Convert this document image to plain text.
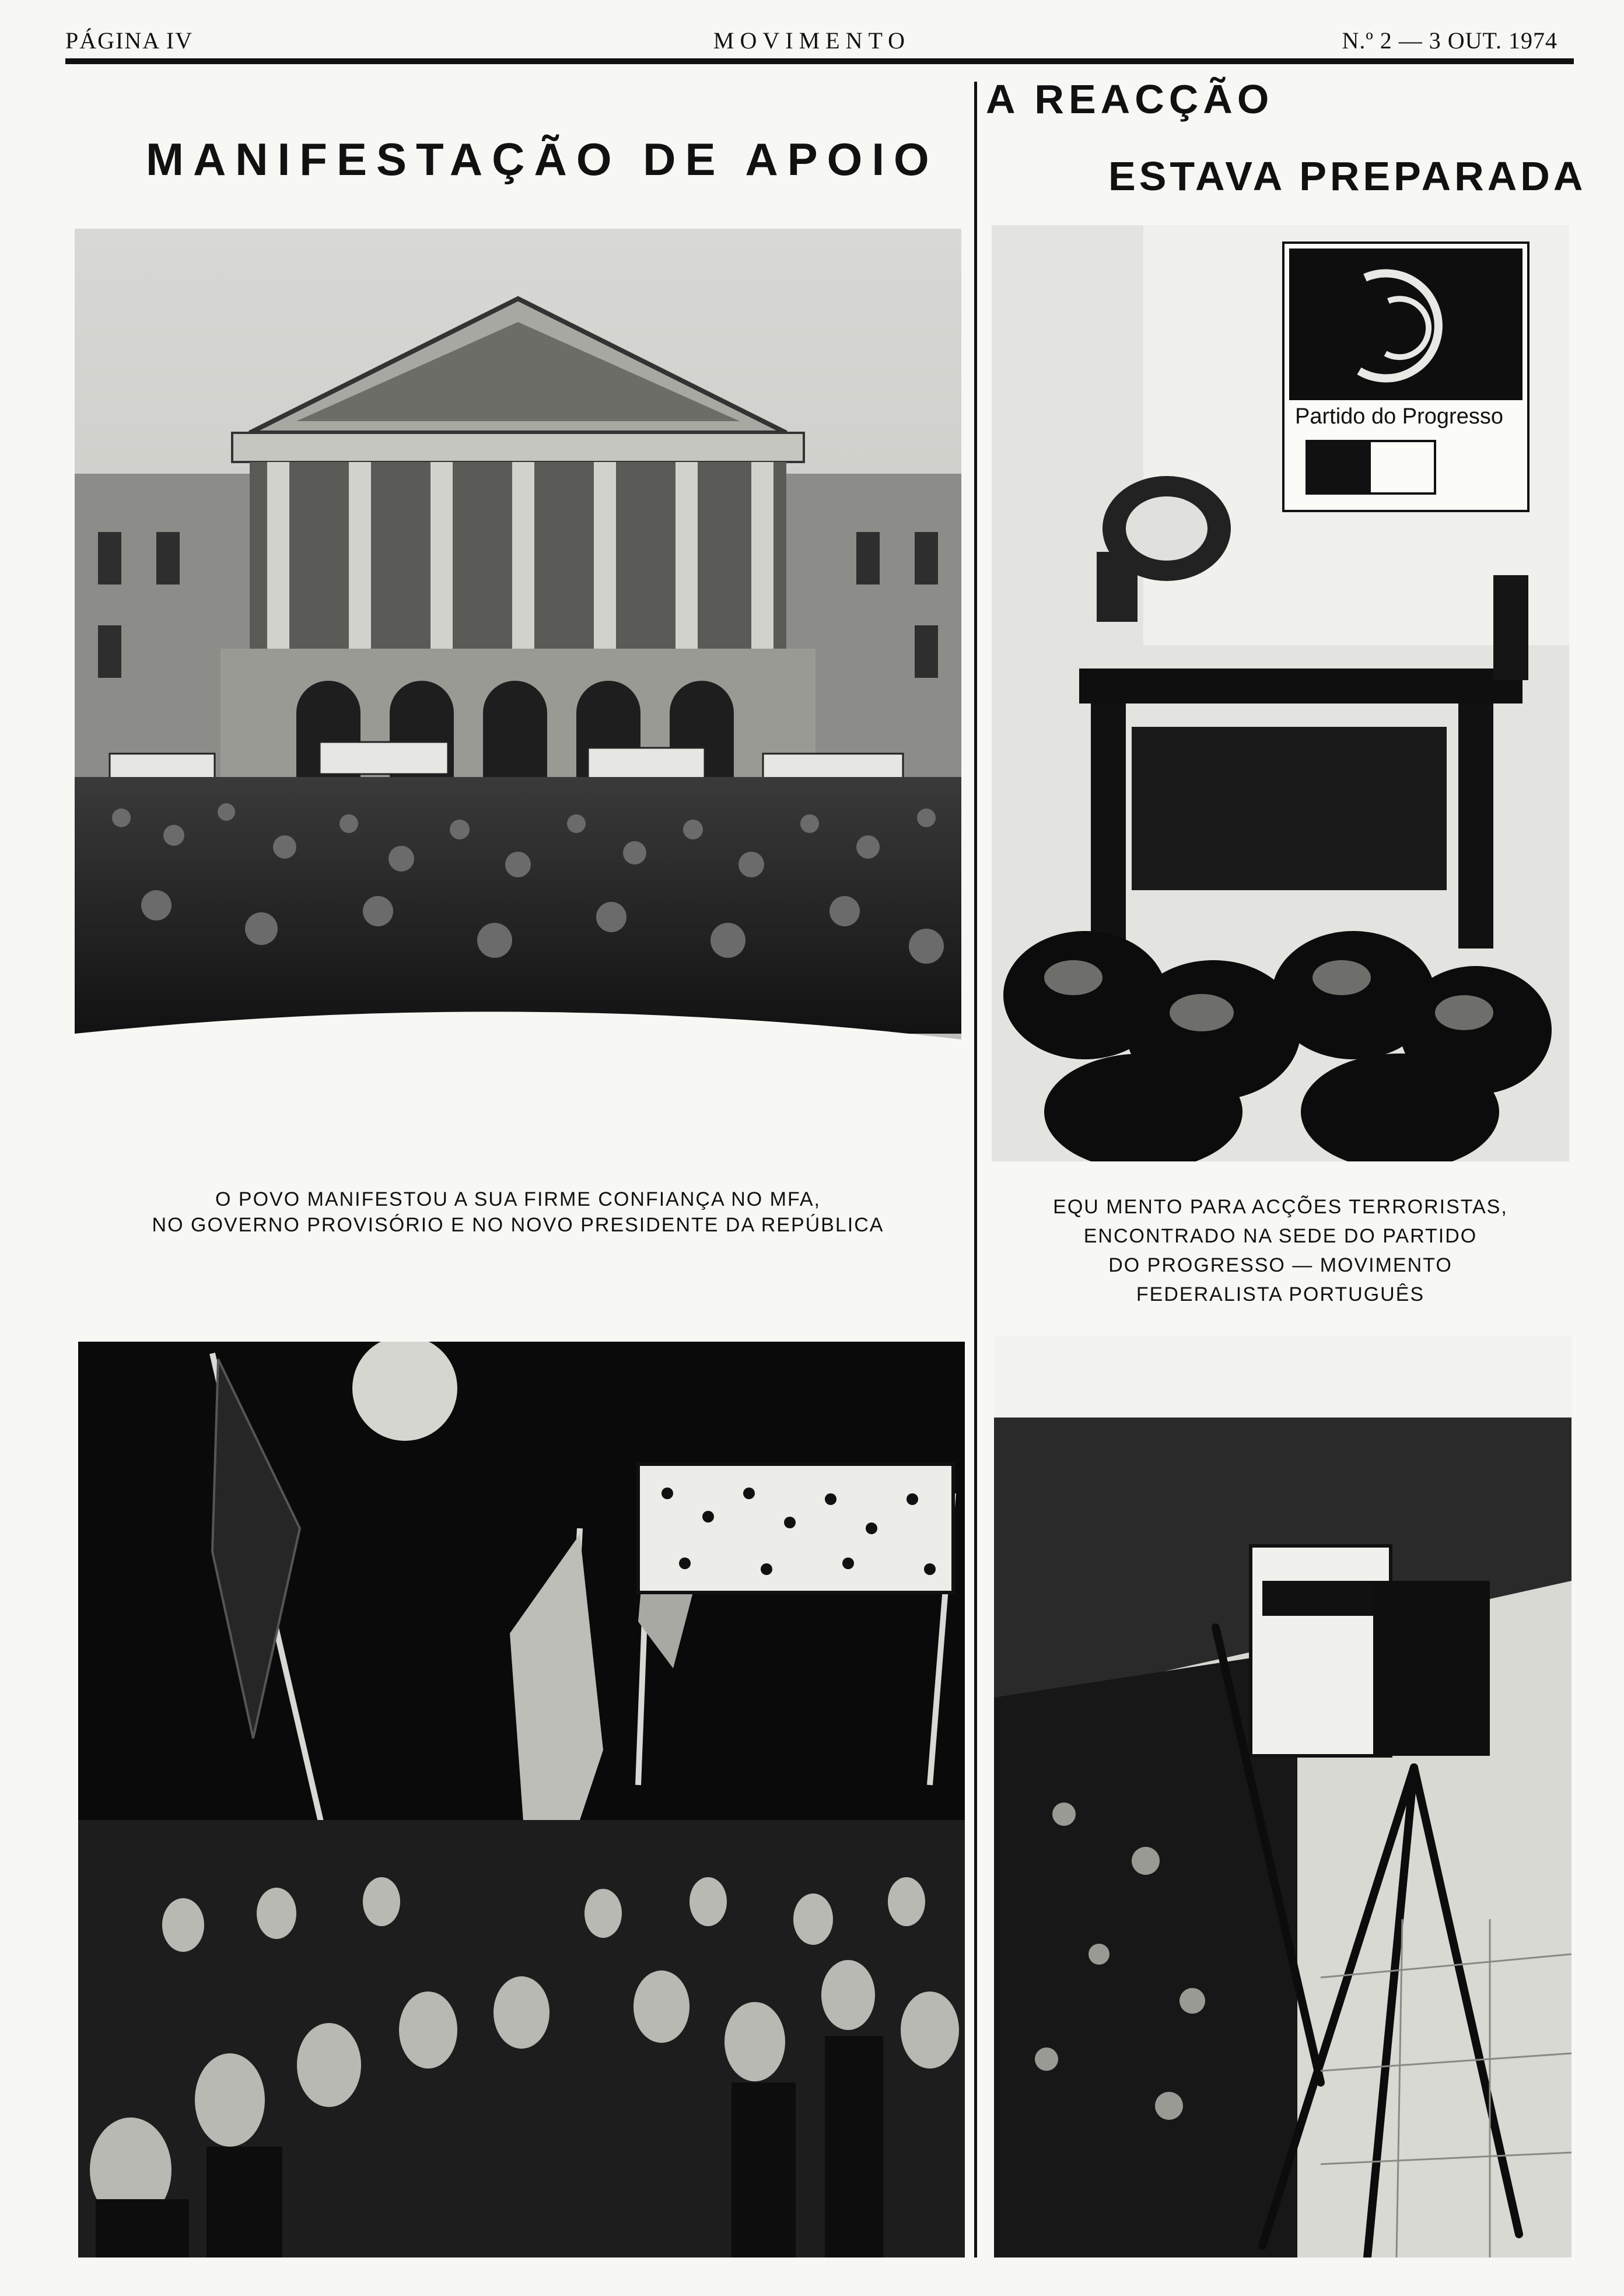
PÁGINA IV	MOVIMENTO	N.º 2 — 3 OUT. 1974
MANIFESTAÇÃO DE APOIO
A REACÇÃO
ESTAVA PREPARADA
Partido do Progresso
O POVO MANIFESTOU A SUA FIRME CONFIANÇA NO MFA,
NO GOVERNO PROVISÓRIO E NO NOVO PRESIDENTE DA REPÚBLICA
EQU MENTO PARA ACÇÕES TERRORISTAS,
ENCONTRADO NA SEDE DO PARTIDO
DO PROGRESSO — MOVIMENTO
FEDERALISTA PORTUGUÊS
